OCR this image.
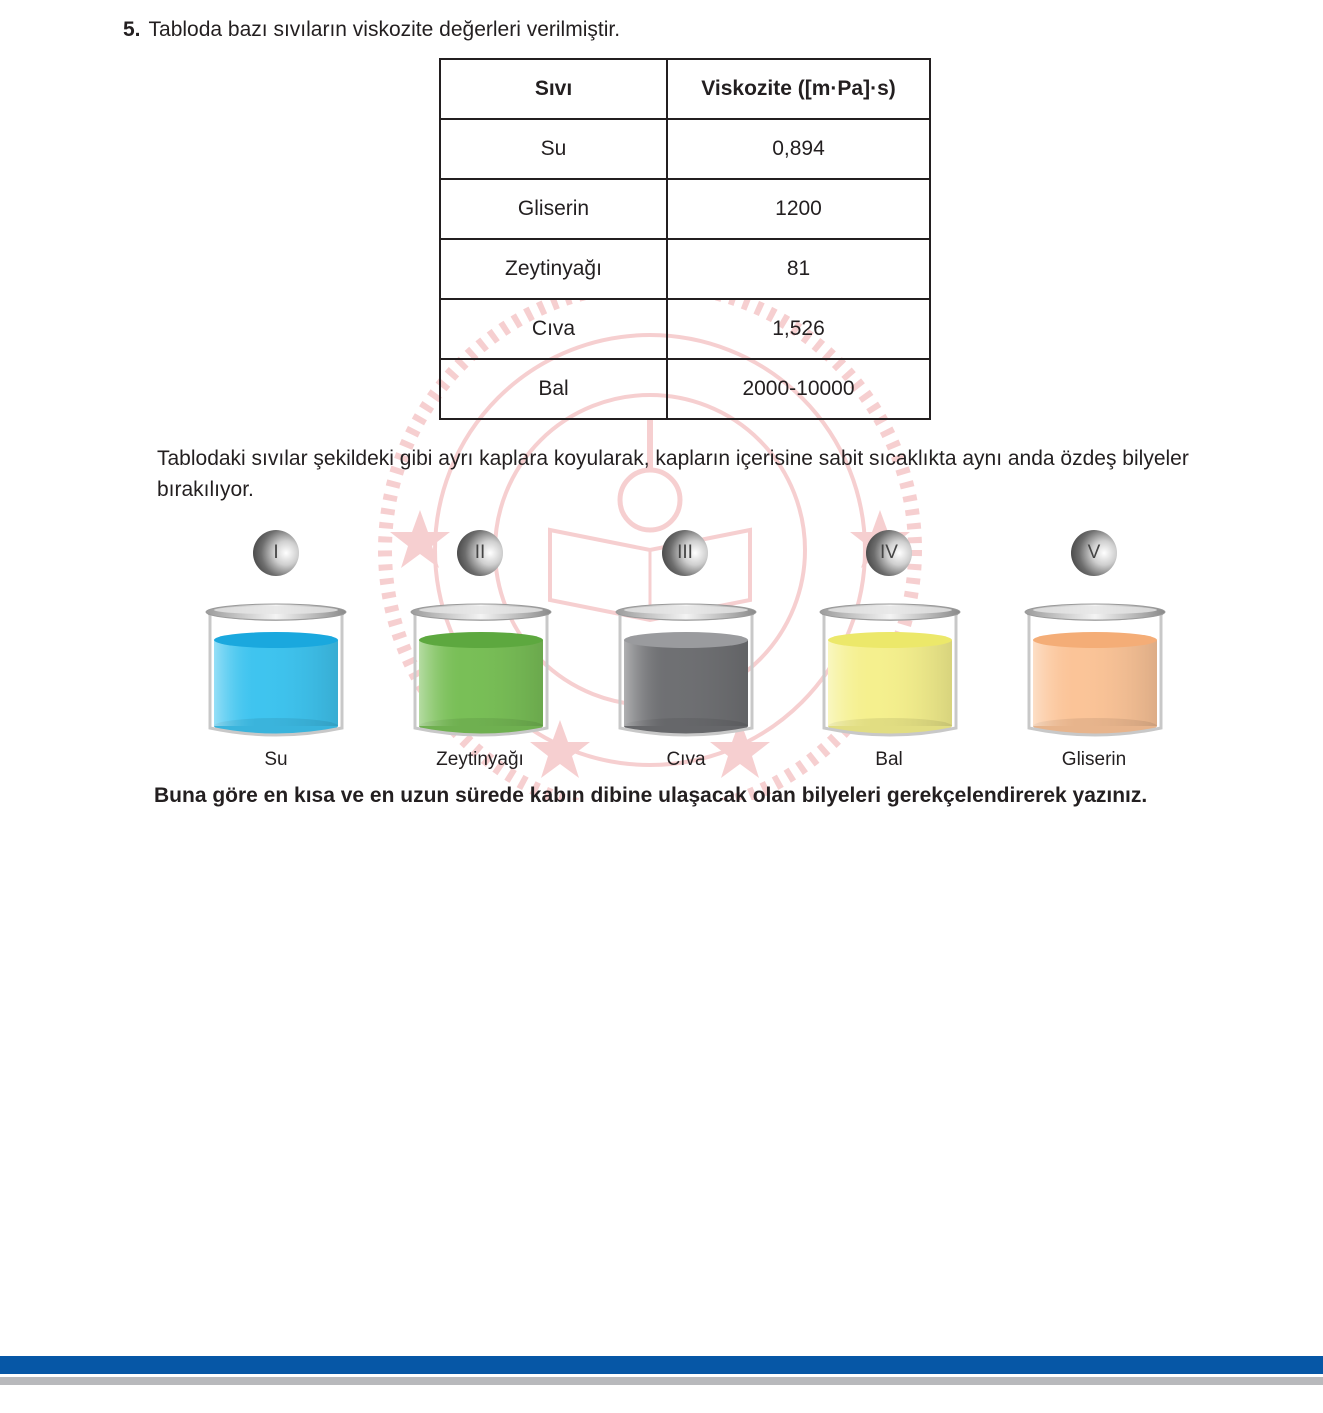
5. Tabloda bazı sıvıların viskozite değerleri verilmiştir.
Sıvı	Viskozite ([m·Pa]·s)
Su	0,894
Gliserin	1200
Zeytinyağı	81
Cıva	1,526
Bal	2000-10000
Tablodaki sıvılar şekildeki gibi ayrı kaplara koyularak, kapların içerisine sabit sıcaklıkta aynı anda özdeş bilyeler bırakılıyor.
I	II	III	IV	V
Su	Zeytinyağı	Cıva	Bal	Gliserin
Buna göre en kısa ve en uzun sürede kabın dibine ulaşacak olan bilyeleri gerekçelendirerek yazınız.
